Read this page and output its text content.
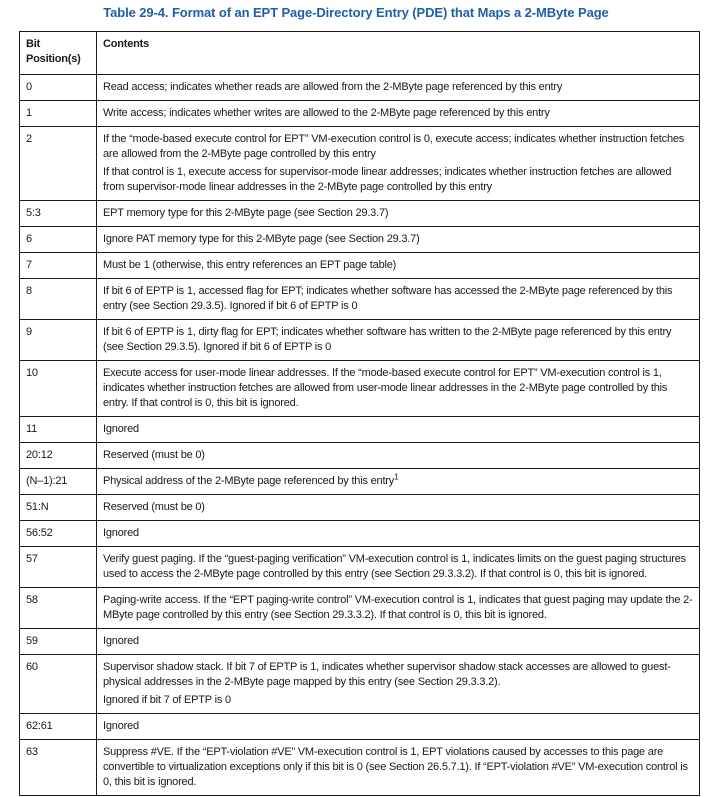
Table 29-4. Format of an EPT Page-Directory Entry (PDE) that Maps a 2-MByte Page
Bit Position(s)	Contents
0	Read access; indicates whether reads are allowed from the 2-MByte page referenced by this entry

1	Write access; indicates whether writes are allowed to the 2-MByte page referenced by this entry

2	If the “mode-based execute control for EPT” VM-execution control is 0, execute access; indicates whether instruction fetches are allowed from the 2-MByte page controlled by this entry
If that control is 1, execute access for supervisor-mode linear addresses; indicates whether instruction fetches are allowed from supervisor-mode linear addresses in the 2-MByte page controlled by this entry

5:3	EPT memory type for this 2-MByte page (see Section 29.3.7)

6	Ignore PAT memory type for this 2-MByte page (see Section 29.3.7)

7	Must be 1 (otherwise, this entry references an EPT page table)

8	If bit 6 of EPTP is 1, accessed flag for EPT; indicates whether software has accessed the 2-MByte page referenced by this entry (see Section 29.3.5). Ignored if bit 6 of EPTP is 0

9	If bit 6 of EPTP is 1, dirty flag for EPT; indicates whether software has written to the 2-MByte page referenced by this entry (see Section 29.3.5). Ignored if bit 6 of EPTP is 0

10	Execute access for user-mode linear addresses. If the “mode-based execute control for EPT” VM-execution control is 1, indicates whether instruction fetches are allowed from user-mode linear addresses in the 2-MByte page controlled by this entry. If that control is 0, this bit is ignored.

11	Ignored

20:12	Reserved (must be 0)

(N–1):21	Physical address of the 2-MByte page referenced by this entry$^1$

51:N	Reserved (must be 0)

56:52	Ignored

57	Verify guest paging. If the “guest-paging verification” VM-execution control is 1, indicates limits on the guest paging structures used to access the 2-MByte page controlled by this entry (see Section 29.3.3.2). If that control is 0, this bit is ignored.

58	Paging-write access. If the “EPT paging-write control” VM-execution control is 1, indicates that guest paging may update the 2-MByte page controlled by this entry (see Section 29.3.3.2). If that control is 0, this bit is ignored.

59	Ignored

60	Supervisor shadow stack. If bit 7 of EPTP is 1, indicates whether supervisor shadow stack accesses are allowed to guest-physical addresses in the 2-MByte page mapped by this entry (see Section 29.3.3.2).
Ignored if bit 7 of EPTP is 0

62:61	Ignored

63	Suppress #VE. If the “EPT-violation #VE” VM-execution control is 1, EPT violations caused by accesses to this page are convertible to virtualization exceptions only if this bit is 0 (see Section 26.5.7.1). If “EPT-violation #VE” VM-execution control is 0, this bit is ignored.
